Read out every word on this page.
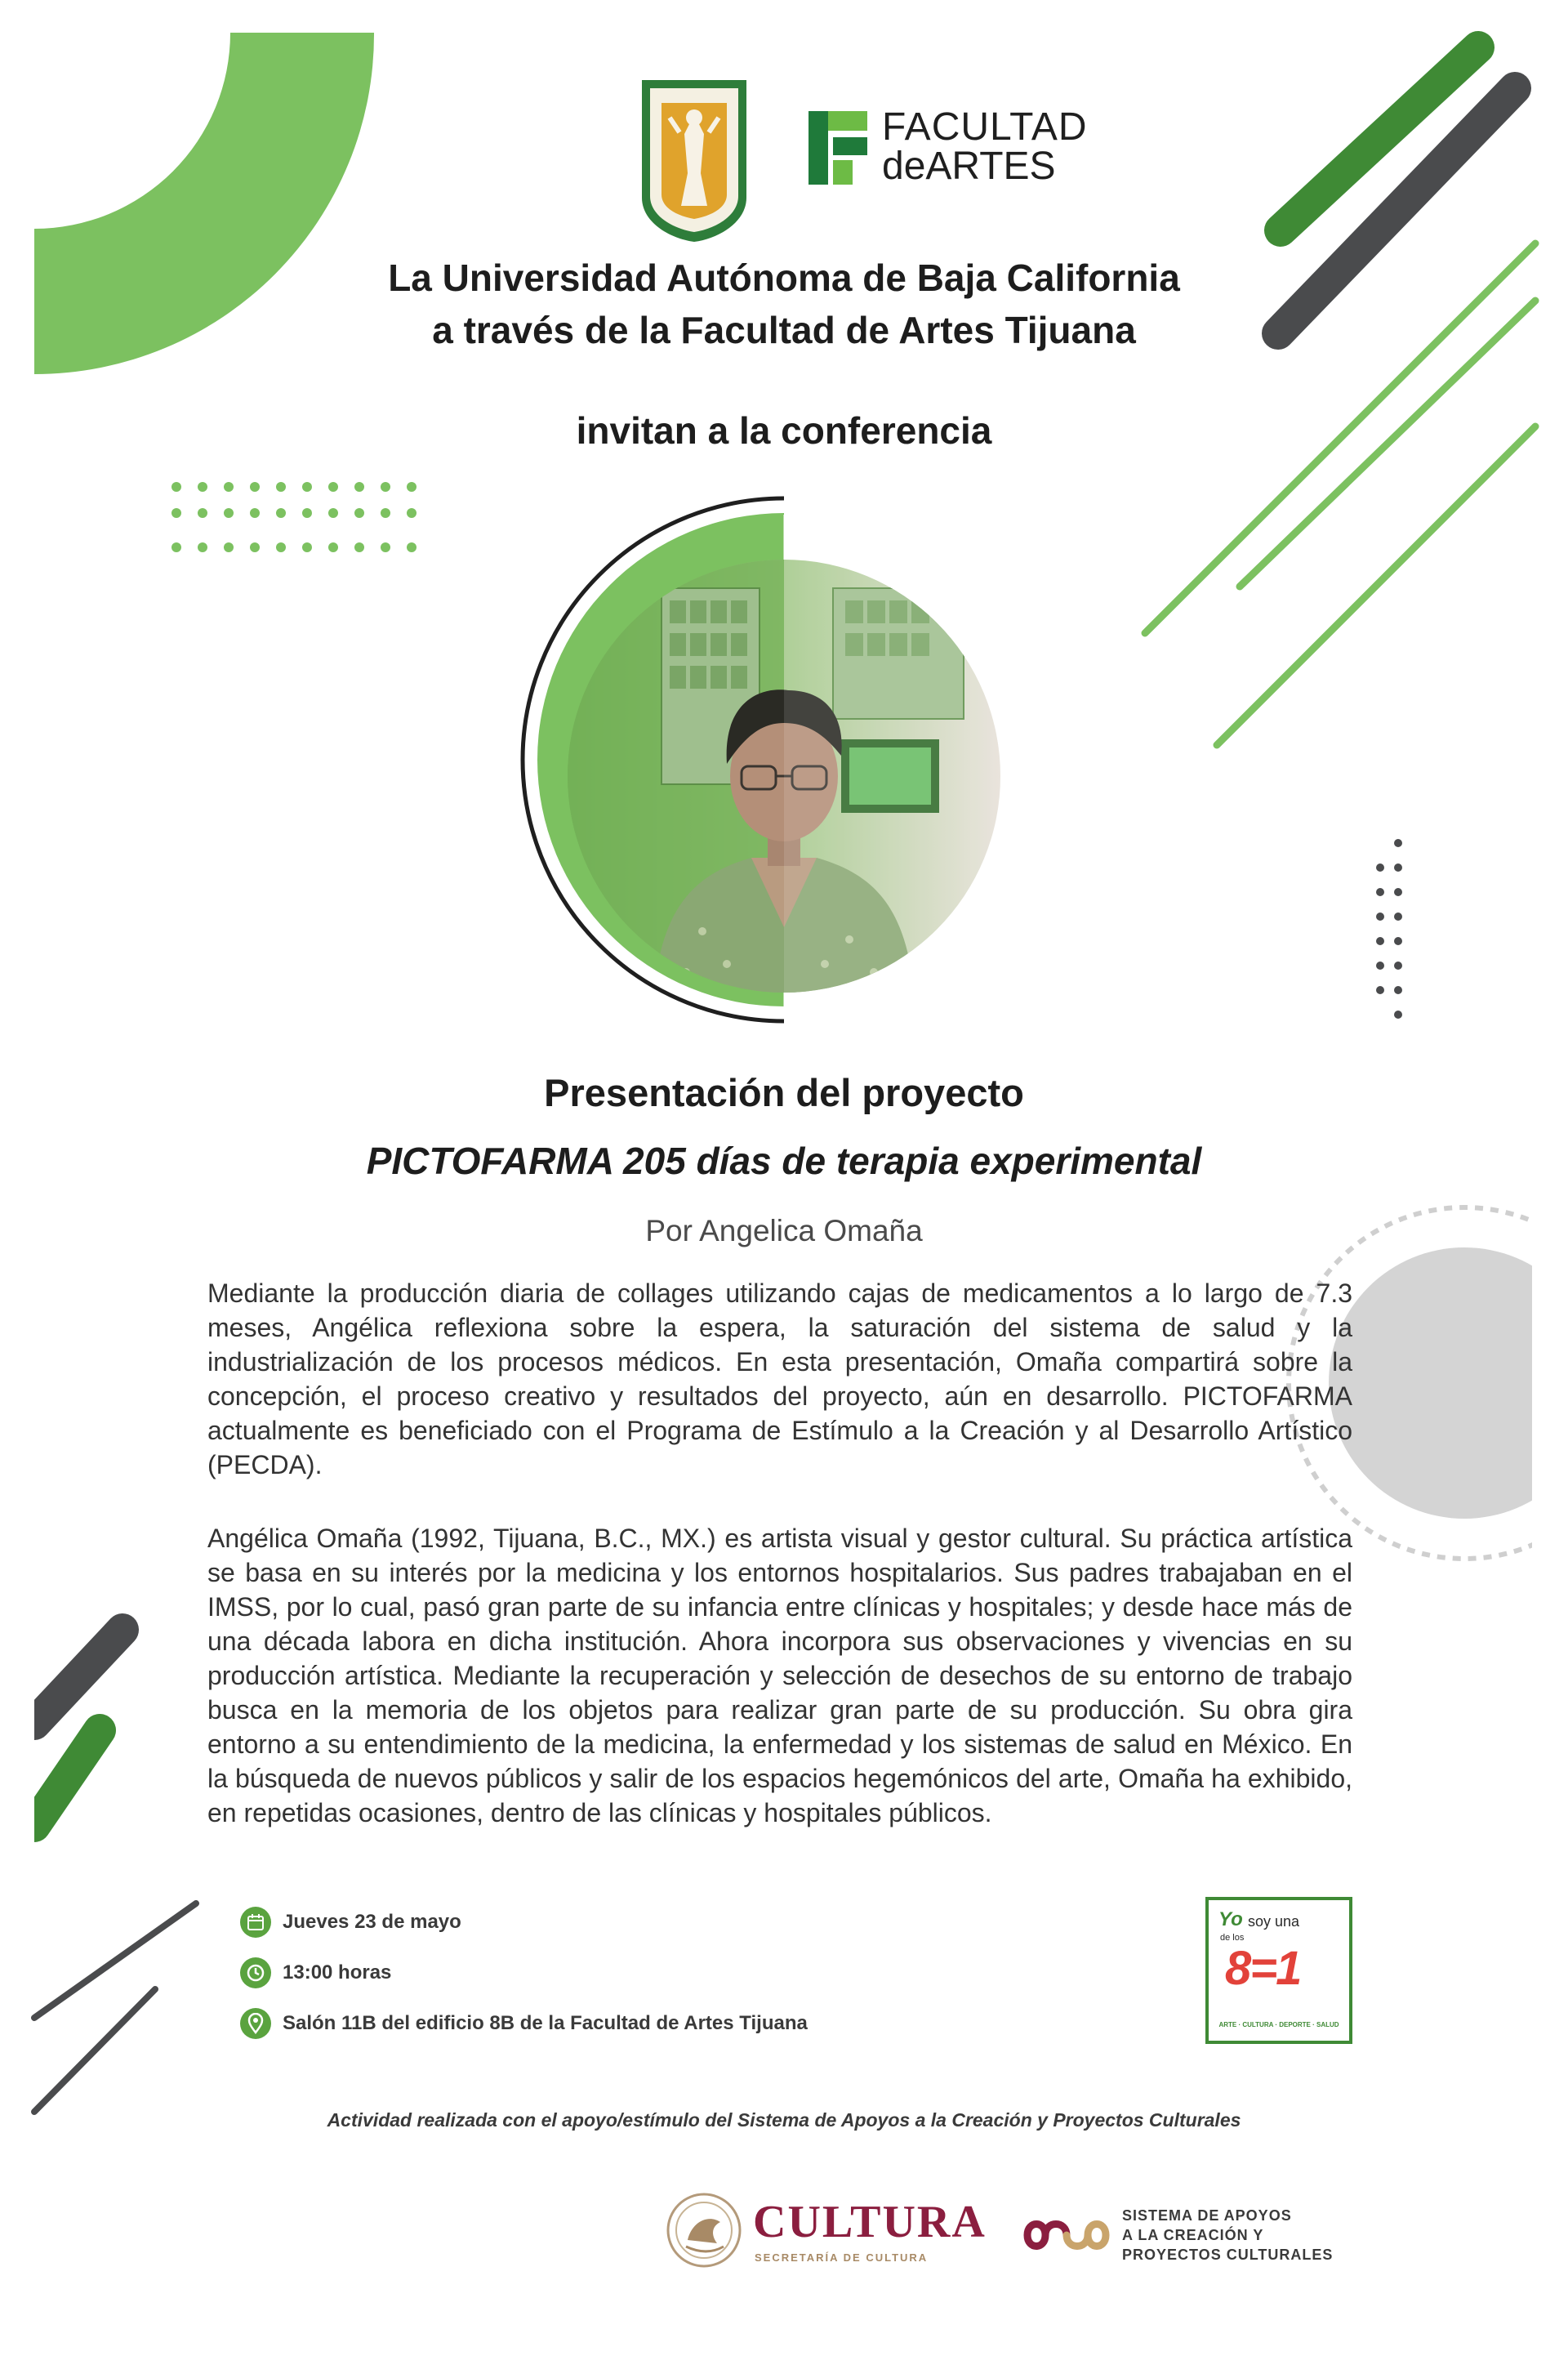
FACULTAD
deARTES
La Universidad Autónoma de Baja California
a través de la Facultad de Artes Tijuana
invitan a la conferencia
Presentación del proyecto
PICTOFARMA 205 días de terapia experimental
Por Angelica Omaña

Mediante la producción diaria de collages utilizando cajas de medicamentos a lo largo de 7.3 meses, Angélica reflexiona sobre la espera, la saturación del sistema de salud y la industrialización de los procesos médicos. En esta presentación, Omaña compartirá sobre la concepción, el proceso creativo y resultados del proyecto, aún en desarrollo. PICTOFARMA actualmente es beneficiado con el Programa de Estímulo a la Creación y al Desarrollo Artístico (PECDA).

Angélica Omaña (1992, Tijuana, B.C., MX.) es artista visual y gestor cultural. Su práctica artística se basa en su interés por la medicina y los entornos hospitalarios. Sus padres trabajaban en el IMSS, por lo cual, pasó gran parte de su infancia entre clínicas y hospitales; y desde hace más de una década labora en dicha institución. Ahora incorpora sus observaciones y vivencias en su producción artística. Mediante la recuperación y selección de desechos de su entorno de trabajo busca en la memoria de los objetos para realizar gran parte de su producción. Su obra gira entorno a su entendimiento de la medicina, la enfermedad y los sistemas de salud en México. En la búsqueda de nuevos públicos y salir de los espacios hegemónicos del arte, Omaña ha exhibido, en repetidas ocasiones, dentro de las clínicas y hospitales públicos.

Jueves 23 de mayo
13:00 horas
Salón 11B del edificio 8B de la Facultad de Artes Tijuana
Yo soy una
de los
8=1
ARTE · CULTURA · DEPORTE · SALUD
Actividad realizada con el apoyo/estímulo del Sistema de Apoyos a la Creación y Proyectos Culturales
CULTURA
SECRETARÍA DE CULTURA
SISTEMA DE APOYOS
A LA CREACIÓN Y
PROYECTOS CULTURALES
